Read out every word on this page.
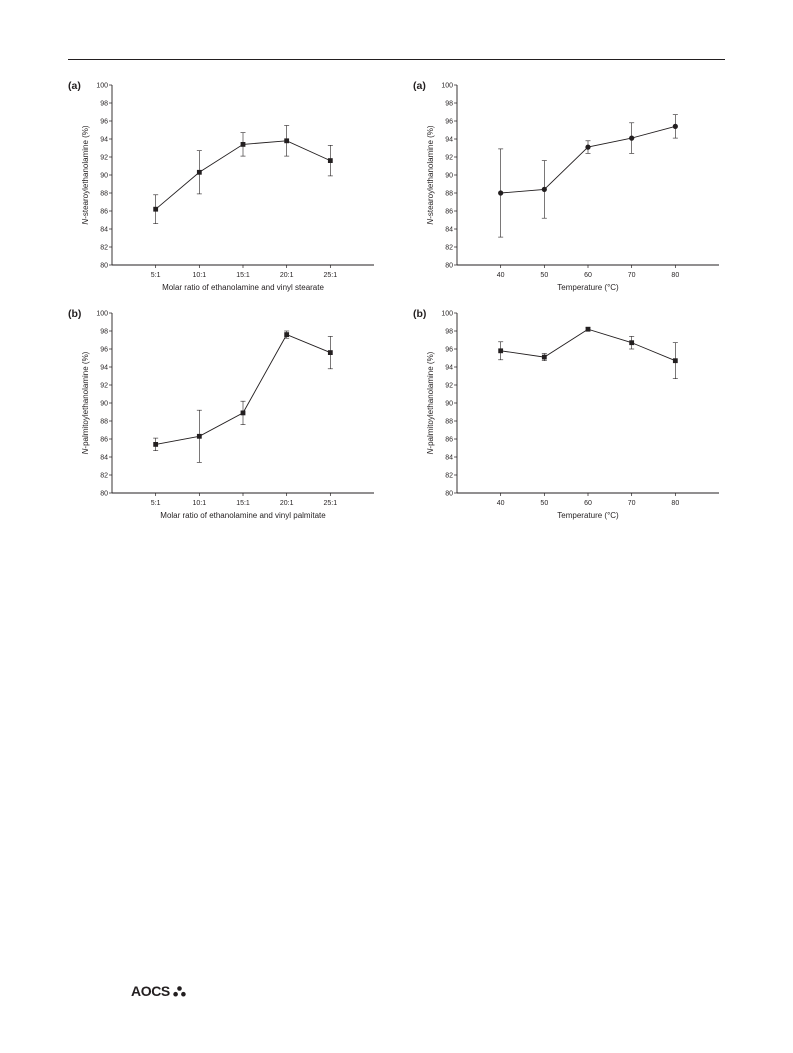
80
82
84
86
88
90
92
94
96
98
100
5:1	10:1	15:1	20:1	25:1
Molar ratio of ethanolamine and vinyl stearate
N-stearoylethanolamine (%)
(a)
80
82
84
86
88
90
92
94
96
98
100
40	50	60	70	80
Temperature (°C)
N-stearoylethanolamine (%)
(a)
80
82
84
86
88
90
92
94
96
98
100
5:1	10:1	15:1	20:1	25:1
Molar ratio of ethanolamine and vinyl palmitate
N-palmitoylethanolamine (%)
(b)
80
82
84
86
88
90
92
94
96
98
100
40	50	60	70	80
Temperature (°C)
N-palmitoylethanolamine (%)
(b)
AOCS
